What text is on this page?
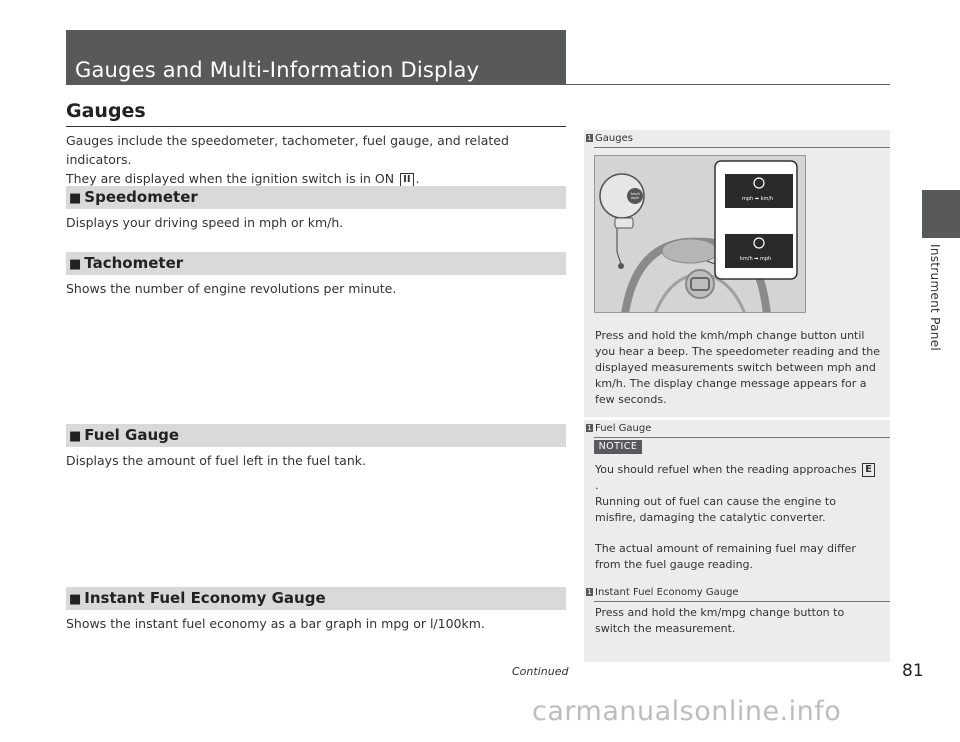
Gauges and Multi-Information Display
Instrument Panel
Gauges
Gauges include the speedometer, tachometer, fuel gauge, and related indicators.
They are displayed when the ignition switch is in ON II .
■ Speedometer
Displays your driving speed in mph or km/h.
■ Tachometer
Shows the number of engine revolutions per minute.
■ Fuel Gauge
Displays the amount of fuel left in the fuel tank.
■ Instant Fuel Economy Gauge
Shows the instant fuel economy as a bar graph in mpg or l/100km.
1 Gauges
km/h
mph	mph ➡ km/h
km/h ➡ mph
Press and hold the kmh/mph change button until you hear a beep. The speedometer reading and the displayed measurements switch between mph and km/h. The display change message appears for a few seconds.
1 Fuel Gauge
NOTICE
You should refuel when the reading approaches E.
Running out of fuel can cause the engine to misfire, damaging the catalytic converter.
The actual amount of remaining fuel may differ from the fuel gauge reading.
1 Instant Fuel Economy Gauge
Press and hold the km/mpg change button to switch the measurement.
Continued	81
carmanualsonline.info
